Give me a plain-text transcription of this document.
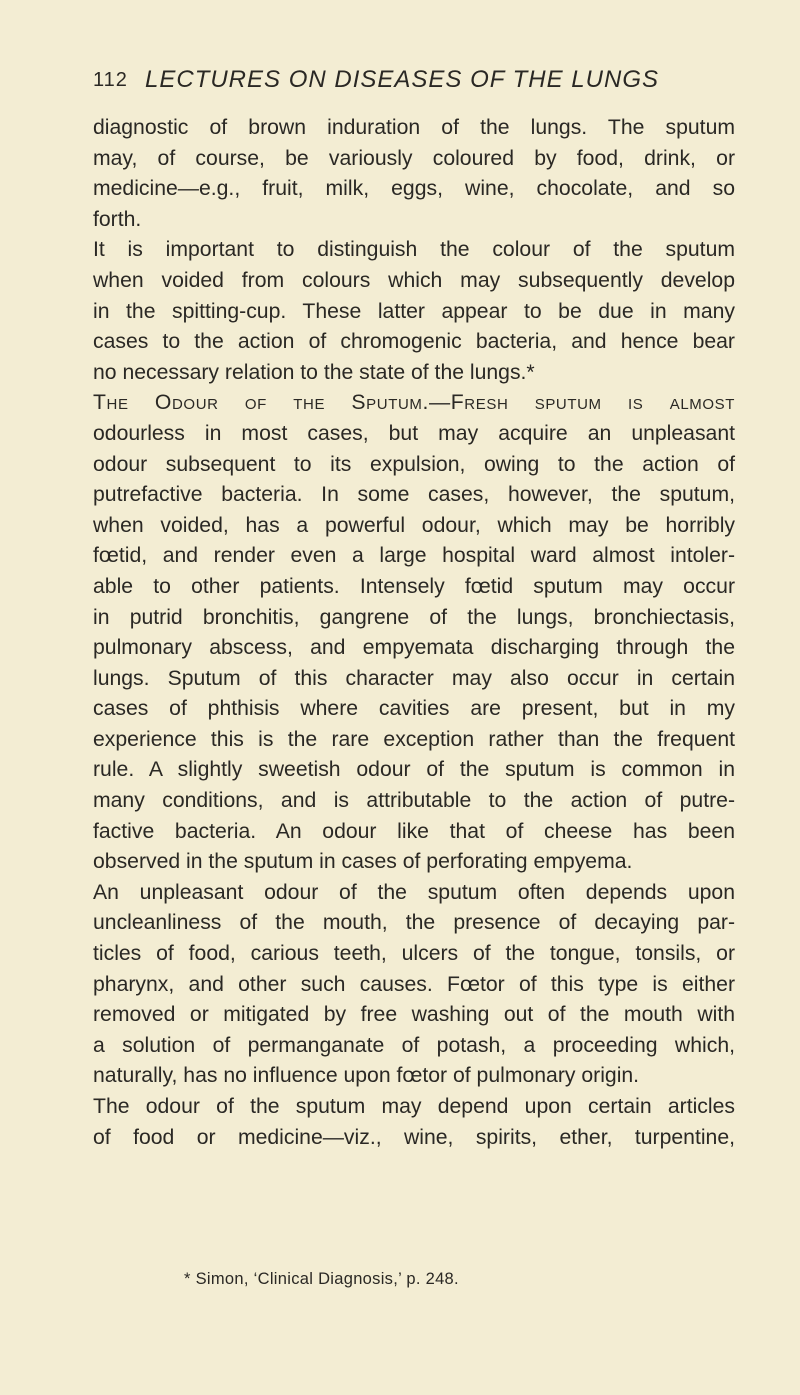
112 LECTURES ON DISEASES OF THE LUNGS
diagnostic of brown induration of the lungs. The sputum
may, of course, be variously coloured by food, drink, or
medicine—e.g., fruit, milk, eggs, wine, chocolate, and so
forth.
It is important to distinguish the colour of the sputum
when voided from colours which may subsequently develop
in the spitting-cup. These latter appear to be due in many
cases to the action of chromogenic bacteria, and hence bear
no necessary relation to the state of the lungs.*
The Odour of the Sputum.—Fresh sputum is almost
odourless in most cases, but may acquire an unpleasant
odour subsequent to its expulsion, owing to the action of
putrefactive bacteria. In some cases, however, the sputum,
when voided, has a powerful odour, which may be horribly
fœtid, and render even a large hospital ward almost intoler-
able to other patients. Intensely fœtid sputum may occur
in putrid bronchitis, gangrene of the lungs, bronchiectasis,
pulmonary abscess, and empyemata discharging through the
lungs. Sputum of this character may also occur in certain
cases of phthisis where cavities are present, but in my
experience this is the rare exception rather than the frequent
rule. A slightly sweetish odour of the sputum is common in
many conditions, and is attributable to the action of putre-
factive bacteria. An odour like that of cheese has been
observed in the sputum in cases of perforating empyema.
An unpleasant odour of the sputum often depends upon
uncleanliness of the mouth, the presence of decaying par-
ticles of food, carious teeth, ulcers of the tongue, tonsils, or
pharynx, and other such causes. Fœtor of this type is either
removed or mitigated by free washing out of the mouth with
a solution of permanganate of potash, a proceeding which,
naturally, has no influence upon fœtor of pulmonary origin.
The odour of the sputum may depend upon certain articles
of food or medicine—viz., wine, spirits, ether, turpentine,
* Simon, ‘Clinical Diagnosis,’ p. 248.
